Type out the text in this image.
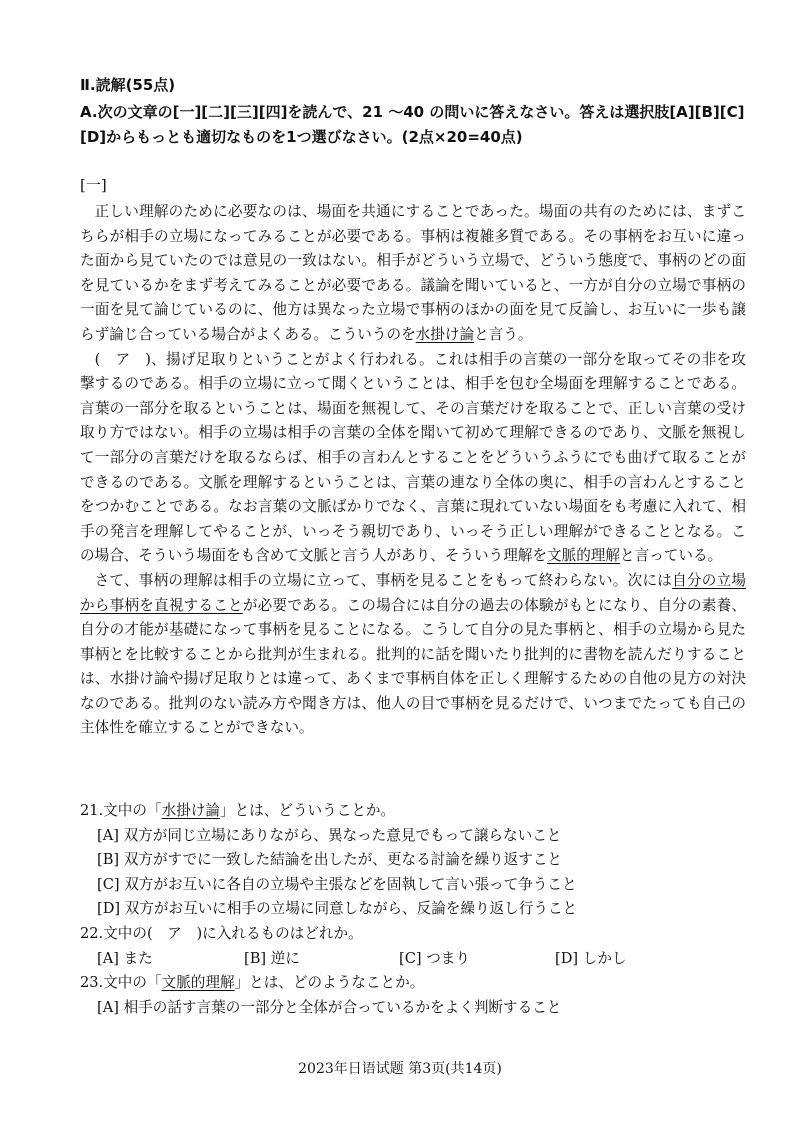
Ⅱ.読解(55点)
A.次の文章の[一][二][三][四]を読んで、21 ～40 の問いに答えなさい。答えは選択肢[A][B][C][D]からもっとも適切なものを1つ選びなさい。(2点×20=40点)
[一]

正しい理解のために必要なのは、場面を共通にすることであった。場面の共有のためには、まずこちらが相手の立場になってみることが必要である。事柄は複雑多質である。その事柄をお互いに違った面から見ていたのでは意見の一致はない。相手がどういう立場で、どういう態度で、事柄のどの面を見ているかをまず考えてみることが必要である。議論を聞いていると、一方が自分の立場で事柄の一面を見て論じているのに、他方は異なった立場で事柄のほかの面を見て反論し、お互いに一歩も譲らず論じ合っている場合がよくある。こういうのを水掛け論と言う。

(　ア　)、揚げ足取りということがよく行われる。これは相手の言葉の一部分を取ってその非を攻撃するのである。相手の立場に立って聞くということは、相手を包む全場面を理解することである。言葉の一部分を取るということは、場面を無視して、その言葉だけを取ることで、正しい言葉の受け取り方ではない。相手の立場は相手の言葉の全体を聞いて初めて理解できるのであり、文脈を無視して一部分の言葉だけを取るならば、相手の言わんとすることをどういうふうにでも曲げて取ることができるのである。文脈を理解するということは、言葉の連なり全体の奥に、相手の言わんとすることをつかむことである。なお言葉の文脈ばかりでなく、言葉に現れていない場面をも考慮に入れて、相手の発言を理解してやることが、いっそう親切であり、いっそう正しい理解ができることとなる。この場合、そういう場面をも含めて文脈と言う人があり、そういう理解を文脈的理解と言っている。

さて、事柄の理解は相手の立場に立って、事柄を見ることをもって終わらない。次には自分の立場から事柄を直視することが必要である。この場合には自分の過去の体験がもとになり、自分の素養、自分の才能が基礎になって事柄を見ることになる。こうして自分の見た事柄と、相手の立場から見た事柄とを比較することから批判が生まれる。批判的に話を聞いたり批判的に書物を読んだりすることは、水掛け論や揚げ足取りとは違って、あくまで事柄自体を正しく理解するための自他の見方の対決なのである。批判のない読み方や聞き方は、他人の目で事柄を見るだけで、いつまでたっても自己の主体性を確立することができない。

21.文中の「水掛け論」とは、どういうことか。
[A] 双方が同じ立場にありながら、異なった意見でもって譲らないこと
[B] 双方がすでに一致した結論を出したが、更なる討論を繰り返すこと
[C] 双方がお互いに各自の立場や主張などを固執して言い張って争うこと
[D] 双方がお互いに相手の立場に同意しながら、反論を繰り返し行うこと
22.文中の(　ア　)に入れるものはどれか。
[A] また	[B] 逆に	[C] つまり	[D] しかし
23.文中の「文脈的理解」とは、どのようなことか。
[A] 相手の話す言葉の一部分と全体が合っているかをよく判断すること
2023年日语试题 第3页(共14页)
